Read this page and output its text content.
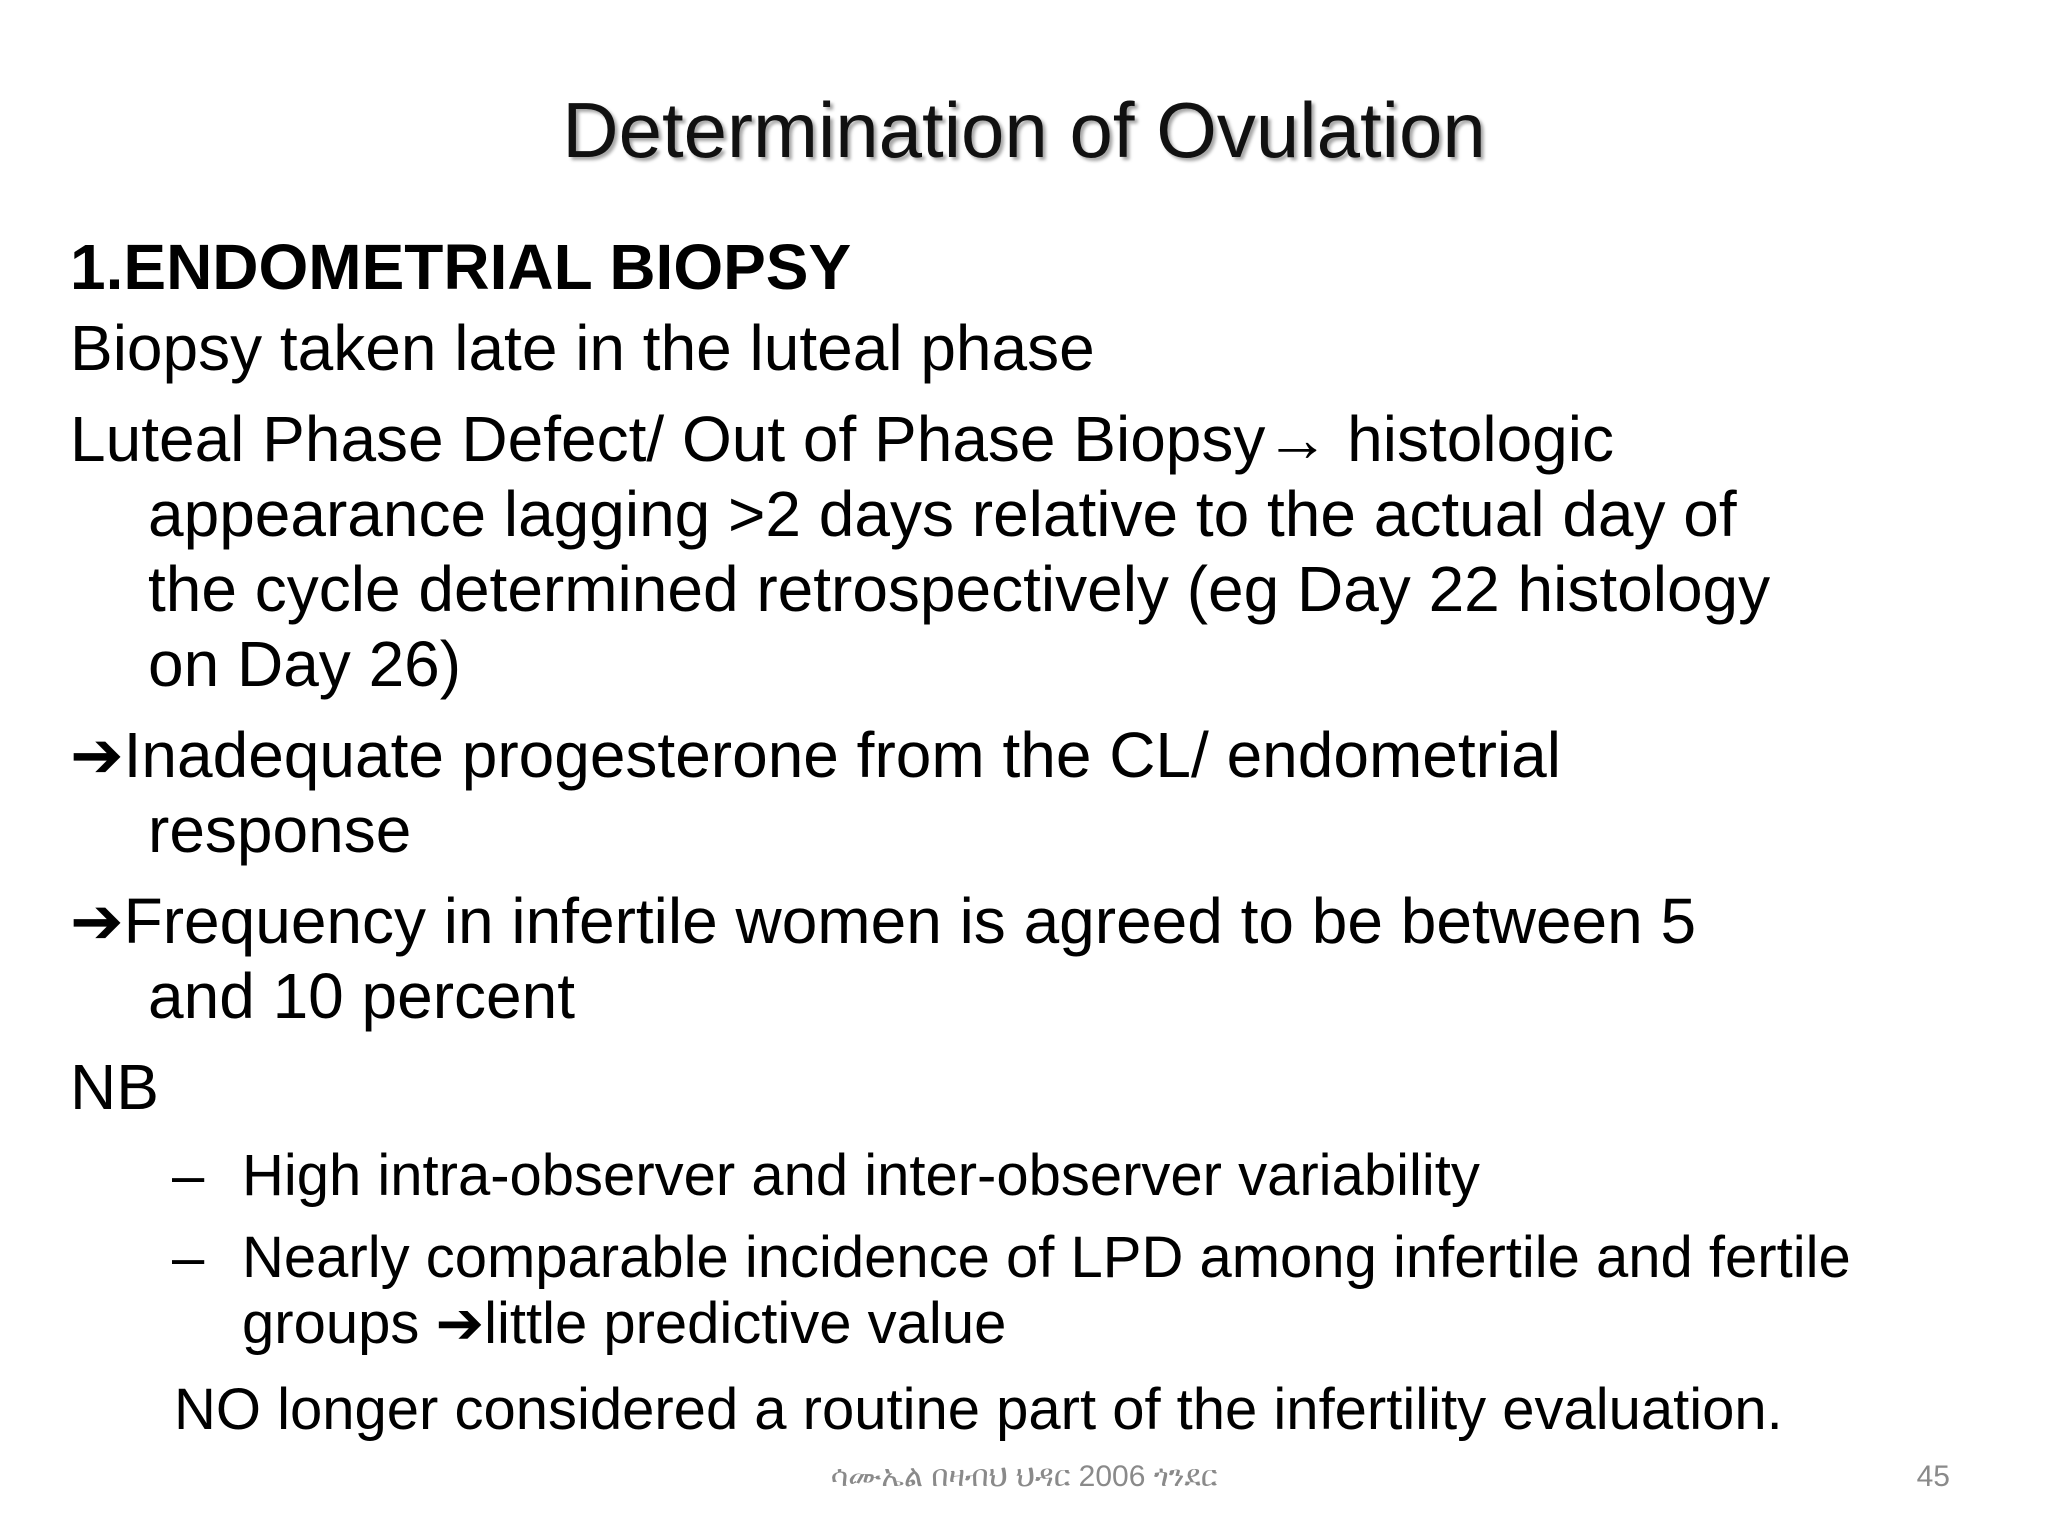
Determination of Ovulation
1.ENDOMETRIAL BIOPSY
Biopsy taken late in the luteal phase
Luteal Phase Defect/ Out of Phase Biopsy→ histologic
appearance lagging >2 days relative to the actual day of
the cycle determined retrospectively (eg Day 22 histology
on Day 26)
➔Inadequate progesterone from the CL/ endometrial
response
➔Frequency in infertile women is agreed to be between 5
and 10 percent
NB
– High intra-observer and inter-observer variability
– Nearly comparable incidence of LPD among infertile and fertile
groups ➔little predictive value
NO longer considered a routine part of the infertility evaluation.
ሳሙኤል በዛብህ ህዳር 2006 ጎንደር	45
